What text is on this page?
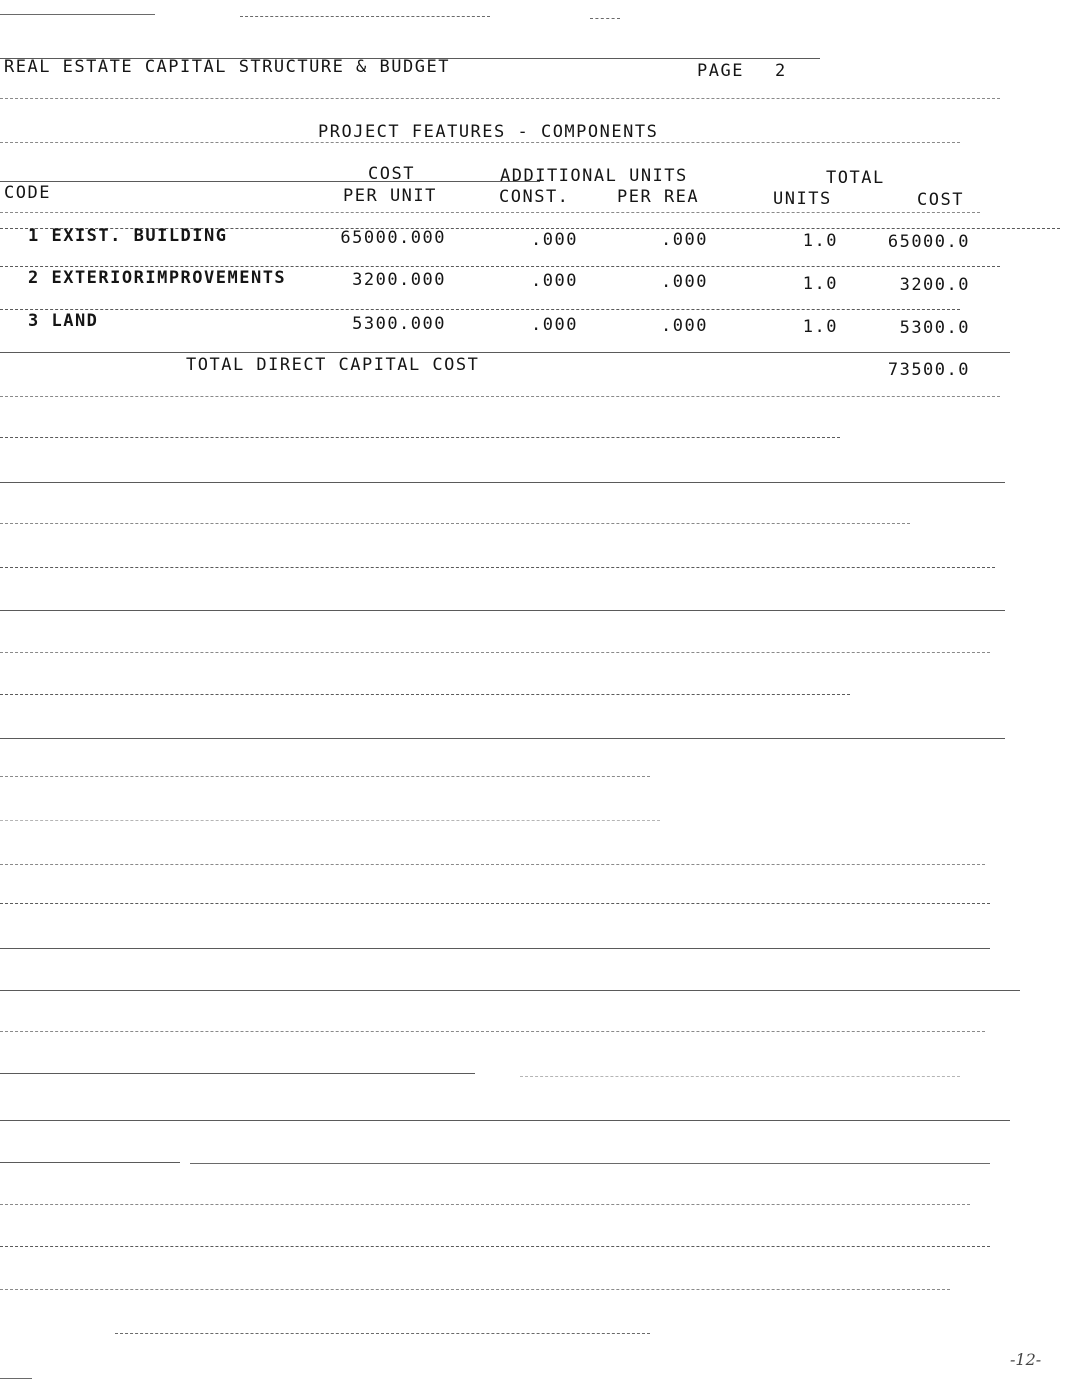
REAL ESTATE CAPITAL STRUCTURE & BUDGET	PAGE 2
PROJECT FEATURES - COMPONENTS
COST	ADDITIONAL UNITS	TOTAL
CODE	PER UNIT	CONST.	PER REA	UNITS	COST
1 EXIST. BUILDING	65000.000	.000	.000	1.0	65000.0
2 EXTERIORIMPROVEMENTS	3200.000	.000	.000	1.0	3200.0
3 LAND	5300.000	.000	.000	1.0	5300.0
TOTAL DIRECT CAPITAL COST	73500.0
-12-
